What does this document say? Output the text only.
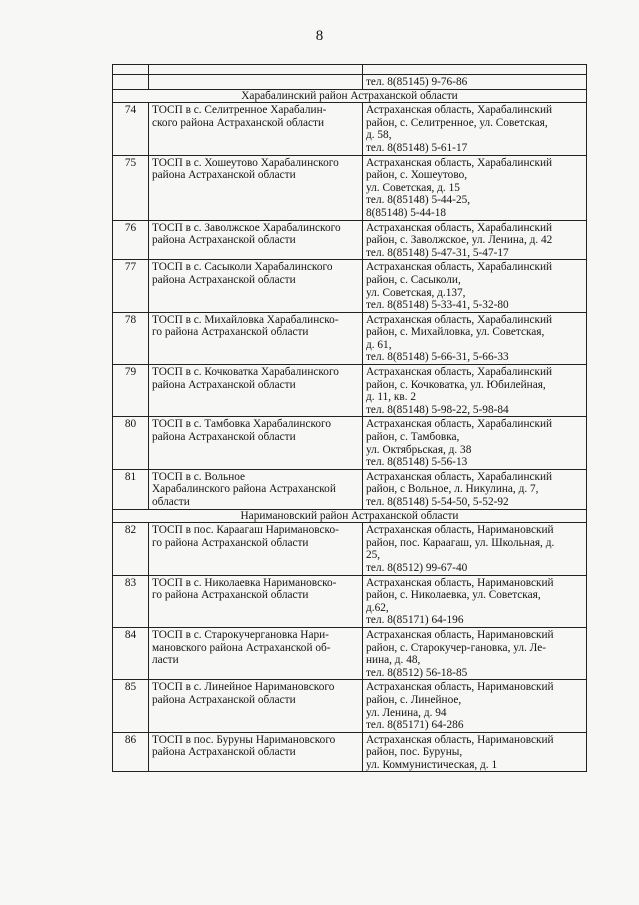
8

		тел. 8(85145) 9-76-86
Харабалинский район Астраханской области		
74	ТОСП в с. Селитренное Харабалин-
ского района Астраханской области	Астраханская область, Харабалинский
район, с. Селитренное, ул. Советская,
д. 58,
тел. 8(85148) 5-61-17
75	ТОСП в с. Хошеутово Харабалинского
района Астраханской области	Астраханская область, Харабалинский
район, с. Хошеутово,
ул. Советская, д. 15
тел. 8(85148) 5-44-25,
8(85148) 5-44-18
76	ТОСП в с. Заволжское Харабалинского
района Астраханской области	Астраханская область, Харабалинский
район, с. Заволжское, ул. Ленина, д. 42
тел. 8(85148) 5-47-31, 5-47-17
77	ТОСП в с. Сасыколи Харабалинского
района Астраханской области	Астраханская область, Харабалинский
район, с. Сасыколи,
ул. Советская, д.137,
тел. 8(85148) 5-33-41, 5-32-80
78	ТОСП в с. Михайловка Харабалинско-
го района Астраханской области	Астраханская область, Харабалинский
район, с. Михайловка, ул. Советская,
д. 61,
тел. 8(85148) 5-66-31, 5-66-33
79	ТОСП в с. Кочковатка Харабалинского
района Астраханской области	Астраханская область, Харабалинский
район, с. Кочковатка, ул. Юбилейная,
д. 11, кв. 2
тел. 8(85148) 5-98-22, 5-98-84
80	ТОСП в с. Тамбовка Харабалинского
района Астраханской области	Астраханская область, Харабалинский
район, с. Тамбовка,
ул. Октябрьская, д. 38
тел. 8(85148) 5-56-13
81	ТОСП в с. Вольное
Харабалинского района Астраханской
области	Астраханская область, Харабалинский
район, с Вольное, л. Никулина, д. 7,
тел. 8(85148) 5-54-50, 5-52-92
Наримановский район Астраханской области		
82	ТОСП в пос. Караагаш Наримановско-
го района Астраханской области	Астраханская область, Наримановский
район, пос. Караагаш, ул. Школьная, д.
25,
тел. 8(8512) 99-67-40
83	ТОСП в с. Николаевка Наримановско-
го района Астраханской области	Астраханская область, Наримановский
район, с. Николаевка, ул. Советская,
д.62,
тел. 8(85171) 64-196
84	ТОСП в с. Старокучергановка Нари-
мановского района Астраханской об-
ласти	Астраханская область, Наримановский
район, с. Старокучер-гановка, ул. Ле-
нина, д. 48,
тел. 8(8512) 56-18-85
85	ТОСП в с. Линейное Наримановского
района Астраханской области	Астраханская область, Наримановский
район, с. Линейное,
ул. Ленина, д. 94
тел. 8(85171) 64-286
86	ТОСП в пос. Буруны Наримановского
района Астраханской области	Астраханская область, Наримановский
район, пос. Буруны,
ул. Коммунистическая, д. 1
